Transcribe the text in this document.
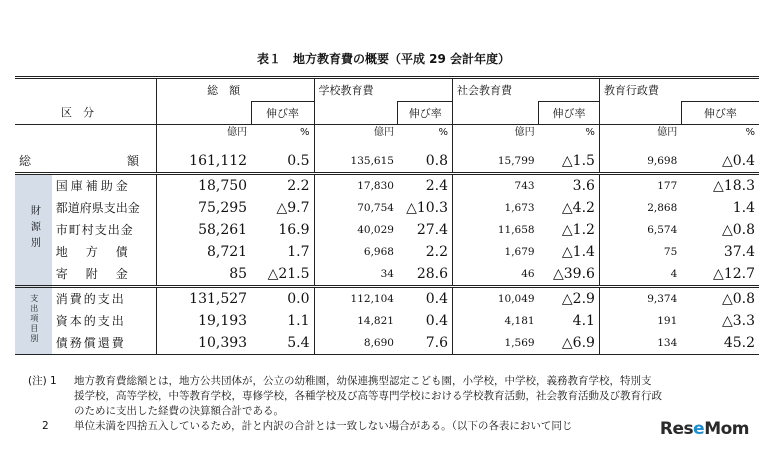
表１　地方教育費の概要（平成 29 会計年度）
		総　額		学校教育費		社会教育費		教育行政費	
区　分			伸び率		伸び率		伸び率		伸び率
		億円	%	億円	%	億円	%	億円	%
総　　　　　　　　額		161,112	0.5	135,615	0.8	15,799	△1.5	9,698	△0.4
財源別	国庫補助金	18,750	2.2	17,830	2.4	743	3.6	177	△18.3
	都道府県支出金	75,295	△9.7	70,754	△10.3	1,673	△4.2	2,868	1.4
	市町村支出金	58,261	16.9	40,029	27.4	11,658	△1.2	6,574	△0.8
	地　方　債	8,721	1.7	6,968	2.2	1,679	△1.4	75	37.4
	寄　附　金	85	△21.5	34	28.6	46	△39.6	4	△12.7
支出項目別	消費的支出	131,527	0.0	112,104	0.4	10,049	△2.9	9,374	△0.8
	資本的支出	19,193	1.1	14,821	0.4	4,181	4.1	191	△3.3
	債務償還費	10,393	5.4	8,690	7.6	1,569	△6.9	134	45.2
(注) 1	地方教育費総額とは，地方公共団体が，公立の幼稚園，幼保連携型認定こども園，小学校，中学校，義務教育学校，特別支
援学校，高等学校，中等教育学校，専修学校，各種学校及び高等専門学校における学校教育活動，社会教育活動及び教育行政
のために支出した経費の決算額合計である。
2	単位未満を四捨五入しているため，計と内訳の合計とは一致しない場合がある。（以下の各表において同じ	ReseMom
